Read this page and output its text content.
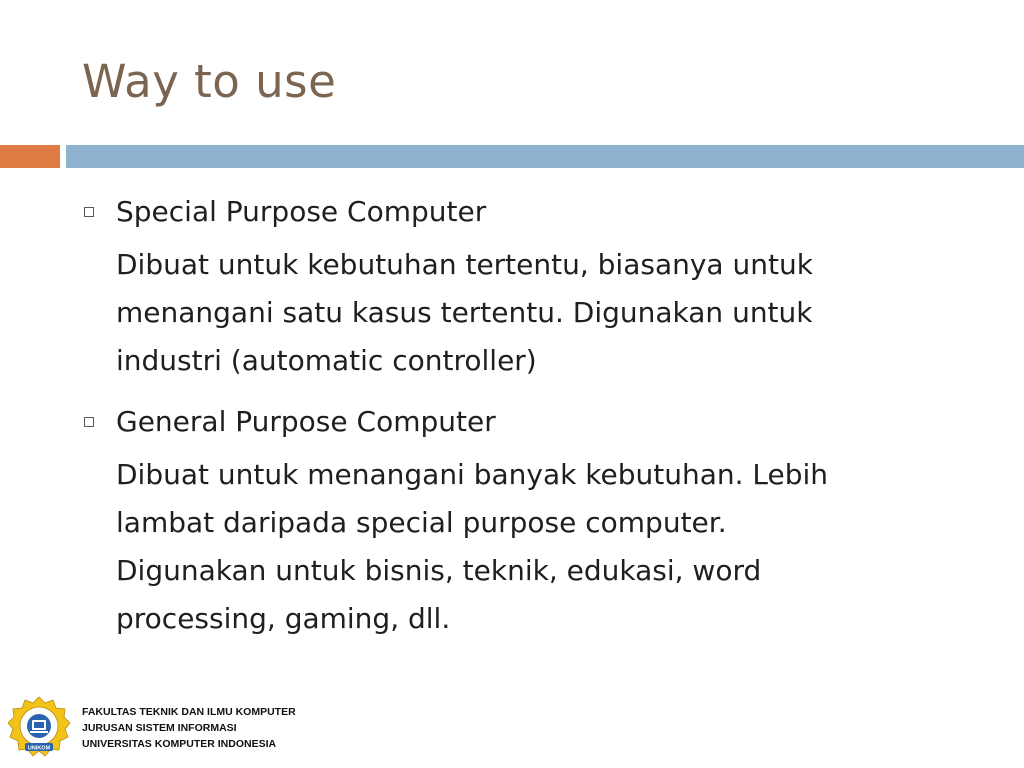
Way to use
Special Purpose Computer
Dibuat untuk kebutuhan tertentu, biasanya untuk
menangani satu kasus tertentu. Digunakan untuk
industri (automatic controller)
General Purpose Computer
Dibuat untuk menangani banyak kebutuhan. Lebih
lambat daripada special purpose computer.
Digunakan untuk bisnis, teknik, edukasi, word
processing, gaming, dll.
UNIKOM
FAKULTAS TEKNIK DAN ILMU KOMPUTER
JURUSAN SISTEM INFORMASI
UNIVERSITAS KOMPUTER INDONESIA
